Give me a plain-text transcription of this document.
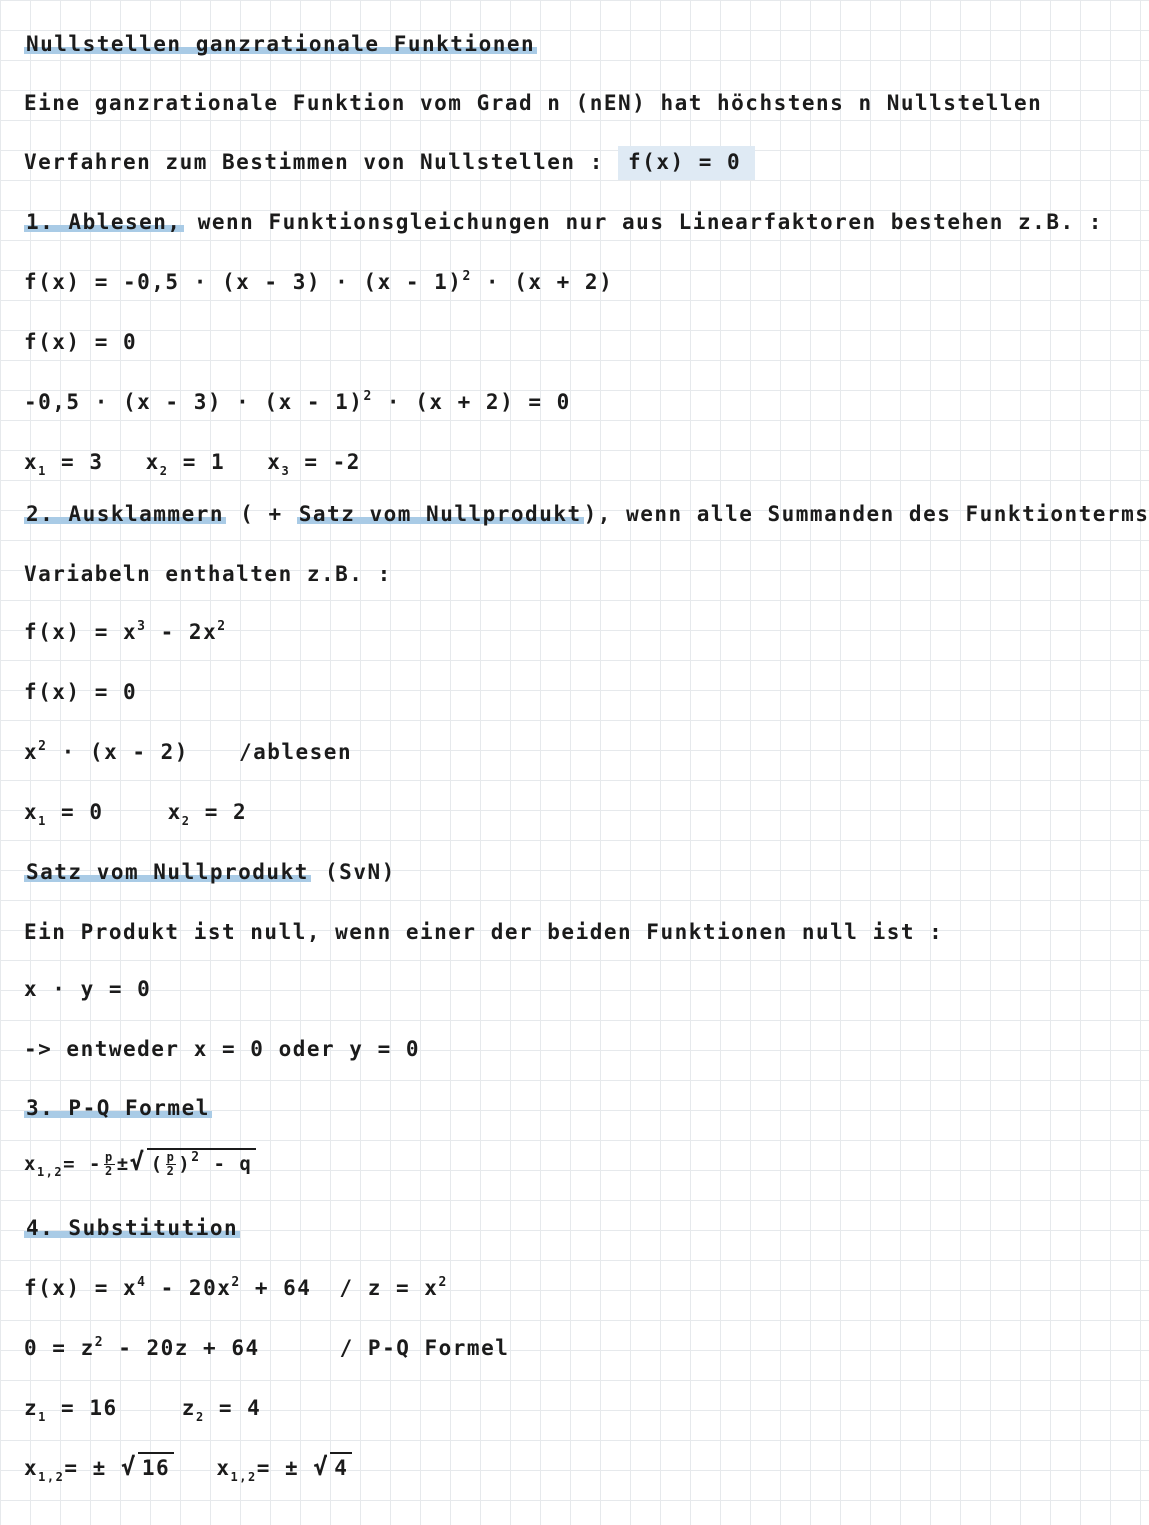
Nullstellen ganzrationale Funktionen
Eine ganzrationale Funktion vom Grad n (nEN) hat höchstens n Nullstellen
Verfahren zum Bestimmen von Nullstellen : f(x) = 0
1. Ablesen, wenn Funktionsgleichungen nur aus Linearfaktoren bestehen z.B. :
f(x) = -0,5 · (x - 3) · (x - 1)$^2$ · (x + 2)
f(x) = 0
-0,5 · (x - 3) · (x - 1)$^2$ · (x + 2) = 0
$x_1 = 3$ $x_2 = 1$ $x_3 = -2$
2. Ausklammern ( + Satz vom Nullprodukt), wenn alle Summanden des Funktionterms
Variabeln enthalten z.B. :
$f(x) = x^3 - 2x^2$
f(x) = 0
$x^2 \cdot (x - 2)$ /ablesen
$x_1 = 0$	$x_2 = 2$
Satz vom Nullprodukt (SvN)
Ein Produkt ist null, wenn einer der beiden Funktionen null ist :
x · y = 0
-> entweder x = 0 oder y = 0
3. P-Q Formel
$x_{1,2}= - \frac{p}{2}$ ±√ ( $\frac{p}{2} )^2$ - q
4. Substitution
$f(x) = x^4 - 20x^2 + 64 / z = x^2$
$0 = z^2 - 20z + 64$	/ P-Q Formel
$z_1 = 16$	$z_2 = 4$
$x_{1,2}=$ ± √ 16 $x_{1,2}=$ ± √ 4
